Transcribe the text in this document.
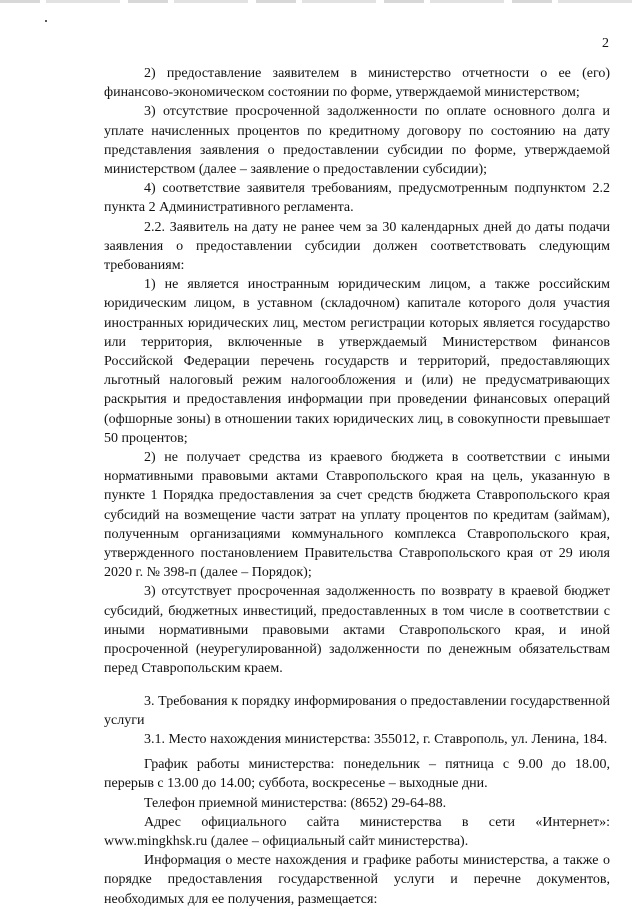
2

2) предоставление заявителем в министерство отчетности о ее (его) финансово-экономическом состоянии по форме, утверждаемой министерством;

3) отсутствие просроченной задолженности по оплате основного долга и уплате начисленных процентов по кредитному договору по состоянию на дату представления заявления о предоставлении субсидии по форме, утверждаемой министерством (далее – заявление о предоставлении субсидии);

4) соответствие заявителя требованиям, предусмотренным подпунктом 2.2 пункта 2 Административного регламента.

2.2. Заявитель на дату не ранее чем за 30 календарных дней до даты подачи заявления о предоставлении субсидии должен соответствовать следующим требованиям:

1) не является иностранным юридическим лицом, а также российским юридическим лицом, в уставном (складочном) капитале которого доля участия иностранных юридических лиц, местом регистрации которых является государство или территория, включенные в утверждаемый Министерством финансов Российской Федерации перечень государств и территорий, предоставляющих льготный налоговый режим налогообложения и (или) не предусматривающих раскрытия и предоставления информации при проведении финансовых операций (офшорные зоны) в отношении таких юридических лиц, в совокупности превышает 50 процентов;

2) не получает средства из краевого бюджета в соответствии с иными нормативными правовыми актами Ставропольского края на цель, указанную в пункте 1 Порядка предоставления за счет средств бюджета Ставропольского края субсидий на возмещение части затрат на уплату процентов по кредитам (займам), полученным организациями коммунального комплекса Ставропольского края, утвержденного постановлением Правительства Ставропольского края от 29 июля 2020 г. № 398-п (далее – Порядок);

3) отсутствует просроченная задолженность по возврату в краевой бюджет субсидий, бюджетных инвестиций, предоставленных в том числе в соответствии с иными нормативными правовыми актами Ставропольского края, и иной просроченной (неурегулированной) задолженности по денежным обязательствам перед Ставропольским краем.

3. Требования к порядку информирования о предоставлении государственной услуги

3.1. Место нахождения министерства: 355012, г. Ставрополь, ул. Ленина, 184.

График работы министерства: понедельник – пятница с 9.00 до 18.00, перерыв с 13.00 до 14.00; суббота, воскресенье – выходные дни.

Телефон приемной министерства: (8652) 29-64-88.

Адрес официального сайта министерства в сети «Интернет»: www.mingkhsk.ru (далее – официальный сайт министерства).

Информация о месте нахождения и графике работы министерства, а также о порядке предоставления государственной услуги и перечне документов, необходимых для ее получения, размещается:
